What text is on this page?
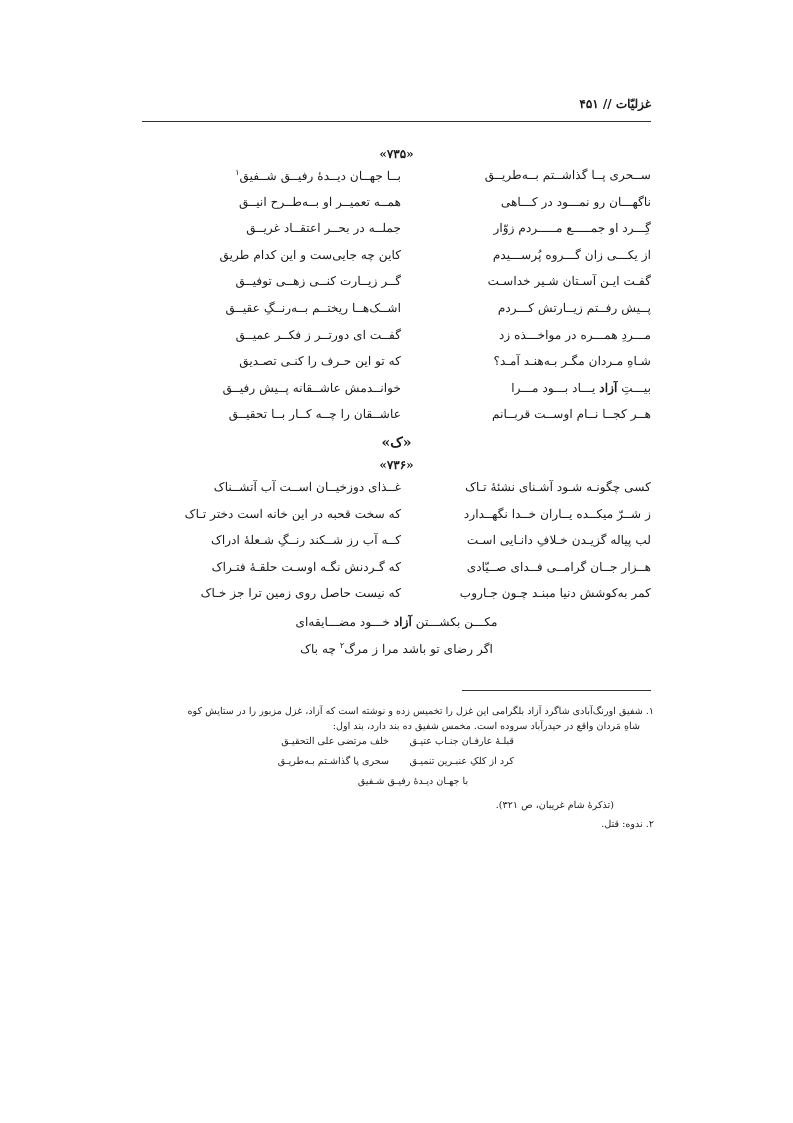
غزلیّات // ۴۵۱
«۷۳۵»
ســحری پــا گذاشــتم بــه‌طریــق
بــا جهــان دیــدهٔ رفیــق شــفیق$^۱$
ناگهـــان رو نمـــود در کـــاهی
همــه تعمیــر او بــه‌طــرح انیــق
گِـــرد او جمـــــع مـــــردم زوّار
جملــه در بحــر اعتقــاد غریــق
از یکـــی زان گـــروه پُرســـیدم
کاین چه جایی‌ست و این کدام طریق
گفـت ایـن آسـتانِ شـیر خداسـت
گــر زیــارت کنــی زهــی توفیــق
پــیش رفــتم زیــارتش کـــردم
اشــک‌هــا ریختــم بــه‌رنــگِ عقیــق
مـــردِ همـــره در مواخـــذه زد
گفــت ای دورتــر ز فکــر عمیــق
شـاهِ مـردان مگـر بـه‌هنـد آمـد؟
که تو این حـرف را کنـی تصـدیق
بیـــتِ آزاد یـــاد بـــود مـــرا
خوانــدمش عاشــقانه پــیش رفیــق
هــر کجــا نــام اوســت قربــانم
عاشــقان را چــه کــار بــا تحقیــق
«ک»
«۷۳۶»
کسی چگونـه شـود آشـنای نشئهٔ تـاک
غــذای دوزخیــان اســت آب آتشــناک
ز شــرّ میکــده یــاران خــدا نگهــدارد
که سخت قحبه در این خانه است دختر تـاک
لب پیاله گزیـدن خـلافِ دانـایی اسـت
کــه آب رز شــکند رنــگِ شـعلهٔ ادراک
هــزار جــان گرامــی فــدای صــیّادی
که گـردنش نگـه اوسـت حلقـهٔ فتـراک
کمر به‌کوشش دنیا مبنـد چـون جـاروب
که نیست حاصل روی زمین ترا جز خـاک
مکـــن بکشـــتن آزاد خـــود مضـــایقه‌ای
اگر رضای تو باشد مرا ز مرگ$^۲$ چه باک
۱. شفیق اورنگ‌آبادی شاگرد آزاد بلگرامی این غزل را تخمیس زده و نوشته است که آزاد، غزل مزبور را در ستایش کوه
شاهِ مَردان واقع در حیدرآباد سروده است. مخمس شفیق ده بند دارد، بند اول:
قبلـهٔ عارفـان جنـاب عتیـق
خلف مرتضی علی التحقیـق
کرد از کلکِ عنبـرین تنمیـق
سحری پا گذاشـتم بـه‌طریـق
با جهـان دیـدهٔ رفیـق شـفیق
(تذکرهٔ شام غریبان، ص ۳۲۱).
۲. ندوه: قتل.
